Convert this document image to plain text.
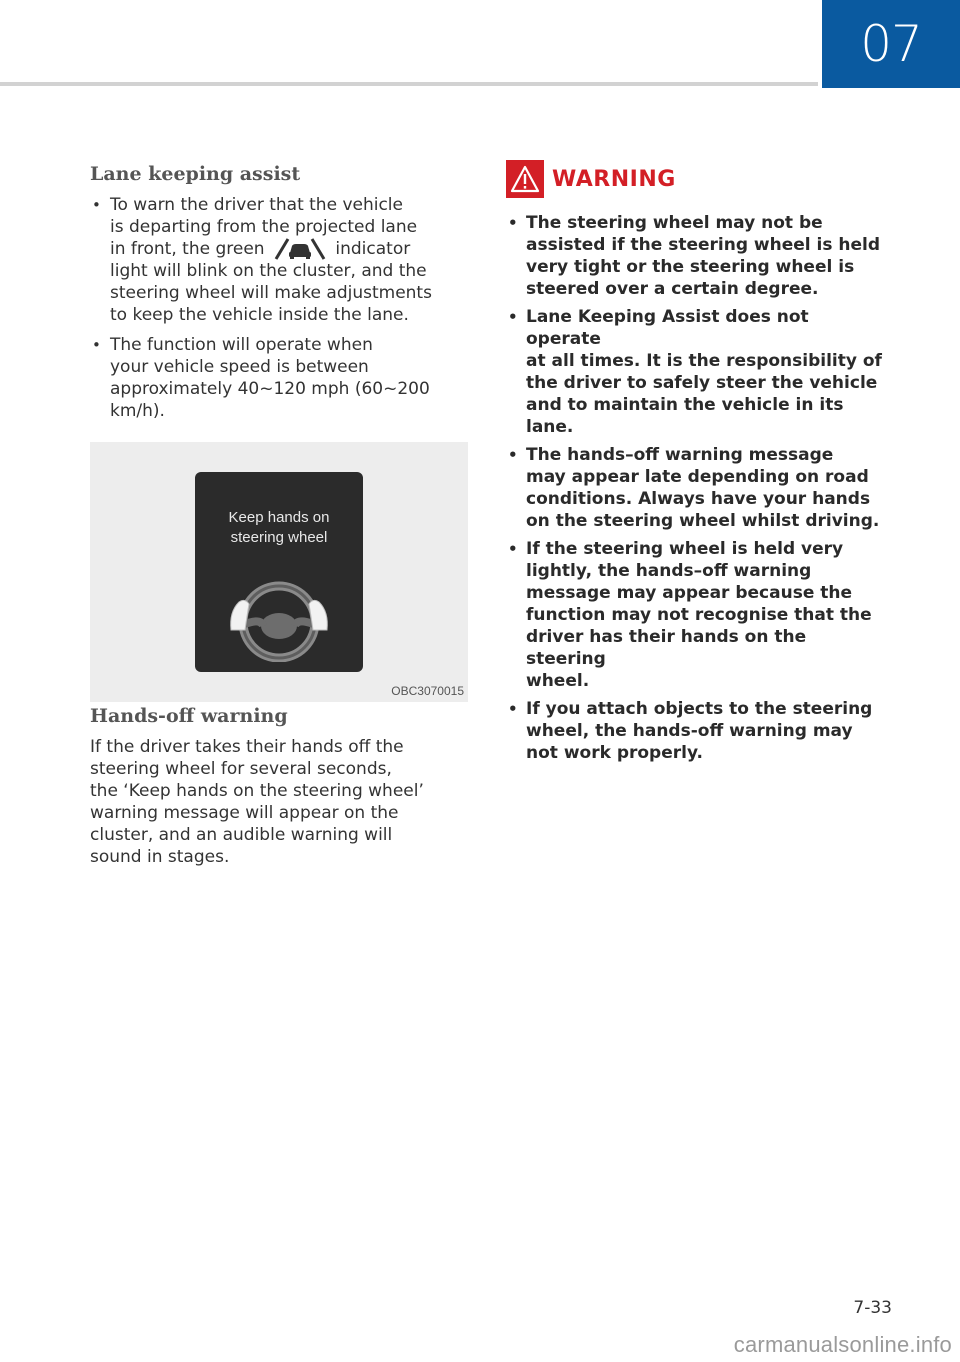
07
Lane keeping assist
• To warn the driver that the vehicle
is departing from the projected lane
in front, the green	indicator
light will blink on the cluster, and the
steering wheel will make adjustments
to keep the vehicle inside the lane.
• The function will operate when
your vehicle speed is between
approximately 40~120 mph (60~200
km/h).
Keep hands on
steering wheel
OBC3070015
Hands-off warning

If the driver takes their hands off the
steering wheel for several seconds,
the ‘Keep hands on the steering wheel’
warning message will appear on the
cluster, and an audible warning will
sound in stages.

WARNING
• The steering wheel may not be
assisted if the steering wheel is held
very tight or the steering wheel is
steered over a certain degree.
• Lane Keeping Assist does not operate
at all times. It is the responsibility of
the driver to safely steer the vehicle
and to maintain the vehicle in its
lane.
• The hands–off warning message
may appear late depending on road
conditions. Always have your hands
on the steering wheel whilst driving.
• If the steering wheel is held very
lightly, the hands–off warning
message may appear because the
function may not recognise that the
driver has their hands on the steering
wheel.
• If you attach objects to the steering
wheel, the hands-off warning may
not work properly.
7-33
carmanualsonline.info
